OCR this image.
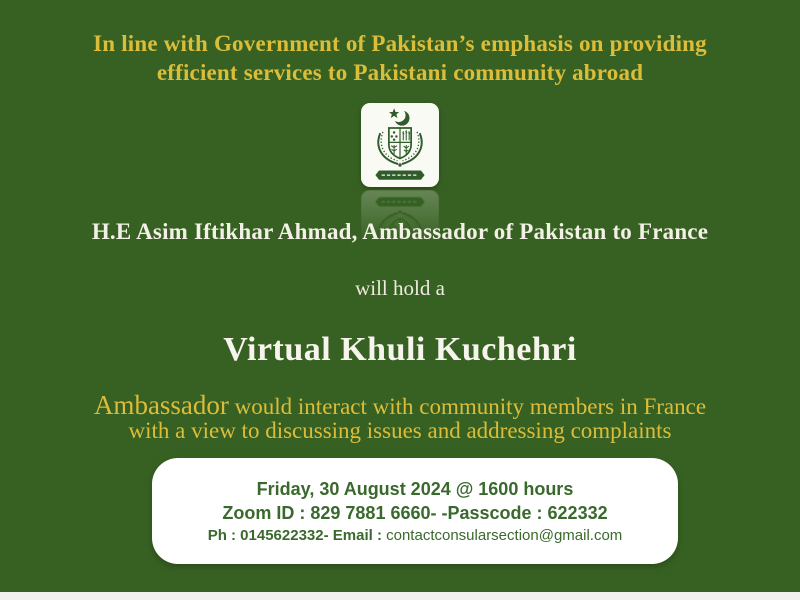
In line with Government of Pakistan’s emphasis on providing
efficient services to Pakistani community abroad
H.E Asim Iftikhar Ahmad, Ambassador of Pakistan to France
will hold a
Virtual Khuli Kuchehri
Ambassador would interact with community members in France
with a view to discussing issues and addressing complaints
Friday, 30 August 2024 @ 1600 hours
Zoom ID : 829 7881 6660- -Passcode : 622332
Ph : 0145622332- Email : contactconsularsection@gmail.com
